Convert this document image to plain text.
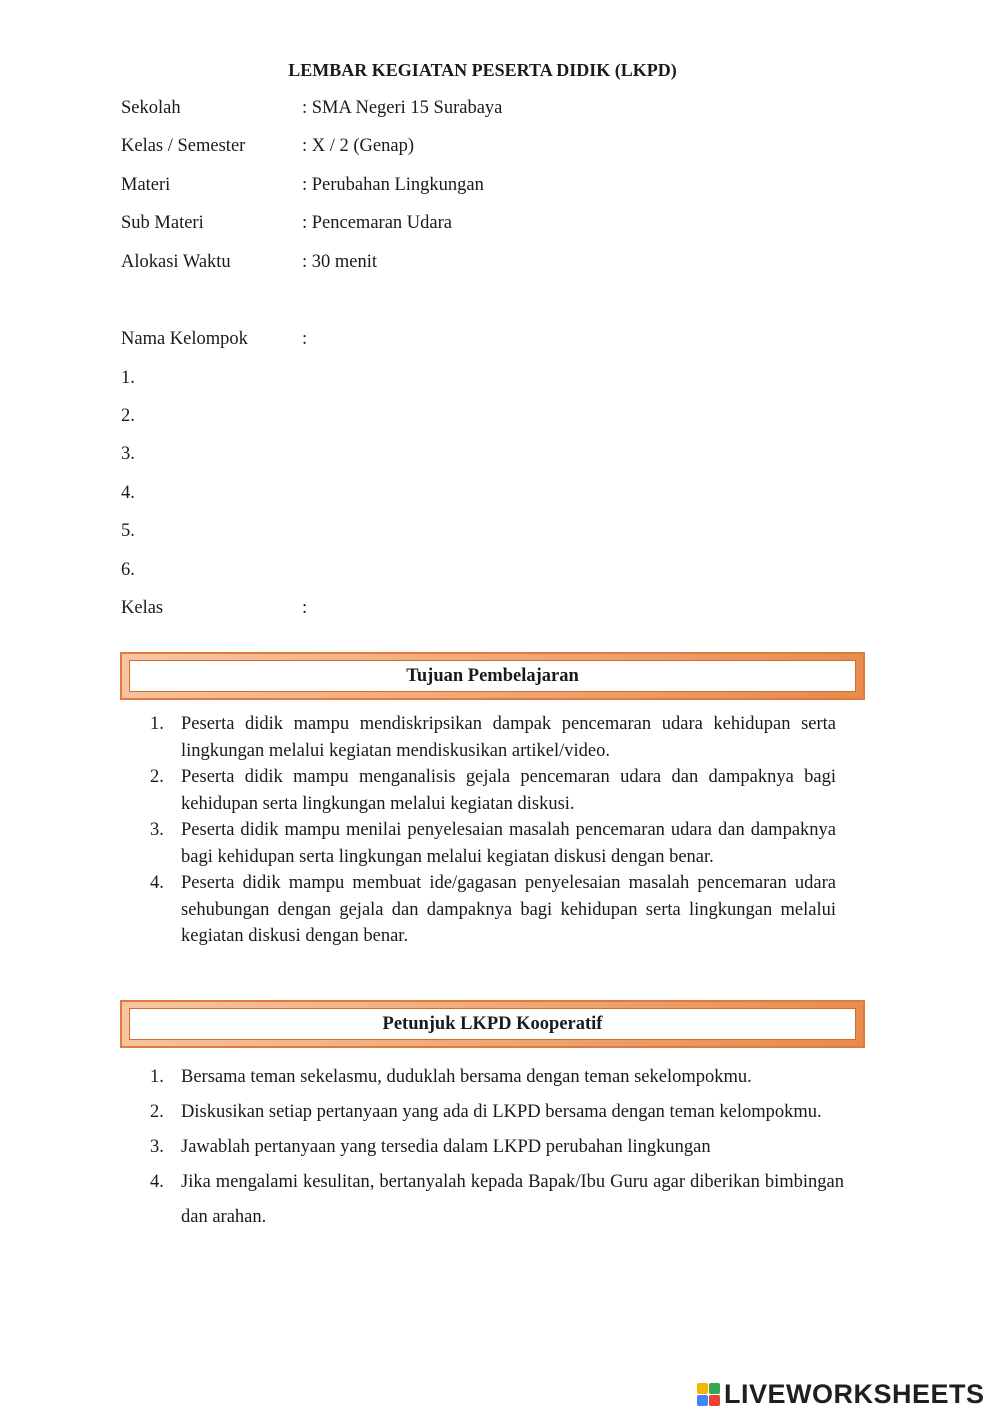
LEMBAR KEGIATAN PESERTA DIDIK (LKPD)
Sekolah	: SMA Negeri 15 Surabaya
Kelas / Semester	: X / 2 (Genap)
Materi	: Perubahan Lingkungan
Sub Materi	: Pencemaran Udara
Alokasi Waktu	: 30 menit
Nama Kelompok	:
1.
2.
3.
4.
5.
6.
Kelas	:
Tujuan Pembelajaran
1. Peserta didik mampu mendiskripsikan dampak pencemaran udara kehidupan serta lingkungan melalui kegiatan mendiskusikan artikel/video.
2. Peserta didik mampu menganalisis gejala pencemaran udara dan dampaknya bagi kehidupan serta lingkungan melalui kegiatan diskusi.
3. Peserta didik mampu menilai penyelesaian masalah pencemaran udara dan dampaknya bagi kehidupan serta lingkungan melalui kegiatan diskusi dengan benar.
4. Peserta didik mampu membuat ide/gagasan penyelesaian masalah pencemaran udara sehubungan dengan gejala dan dampaknya bagi kehidupan serta lingkungan melalui kegiatan diskusi dengan benar.
Petunjuk LKPD Kooperatif
1. Bersama teman sekelasmu, duduklah bersama dengan teman sekelompokmu.
2. Diskusikan setiap pertanyaan yang ada di LKPD bersama dengan teman kelompokmu.
3. Jawablah pertanyaan yang tersedia dalam LKPD perubahan lingkungan
4. Jika mengalami kesulitan, bertanyalah kepada Bapak/Ibu Guru agar diberikan bimbingan dan arahan.
LIVEWORKSHEETS
